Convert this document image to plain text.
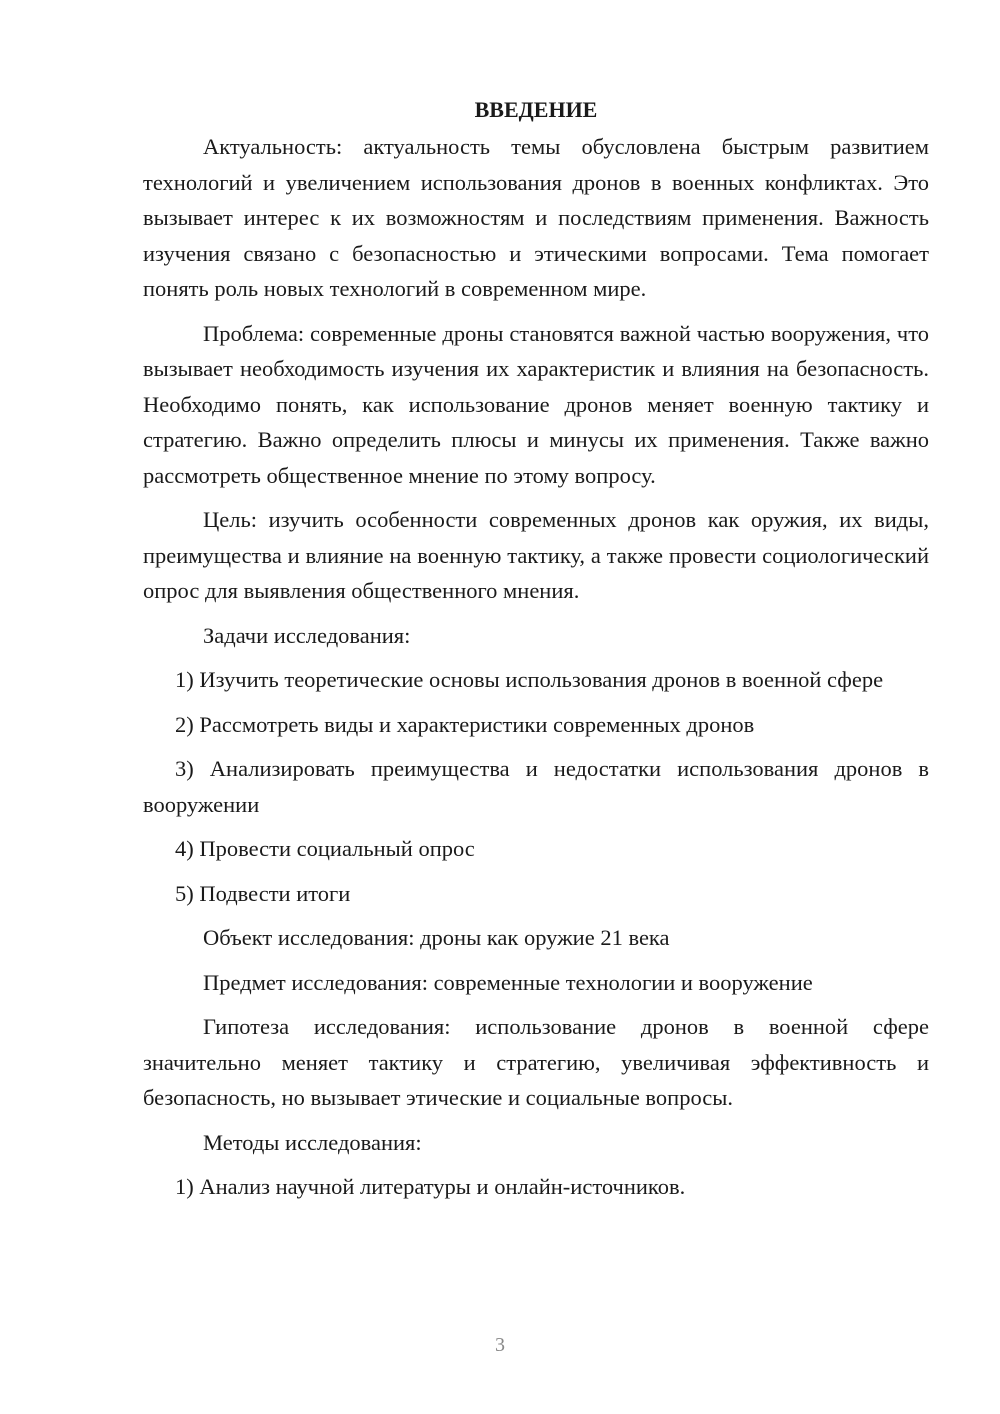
ВВЕДЕНИЕ
Актуальность: актуальность темы обусловлена быстрым развитием технологий и увеличением использования дронов в военных конфликтах. Это вызывает интерес к их возможностям и последствиям применения. Важность изучения связано с безопасностью и этическими вопросами. Тема помогает понять роль новых технологий в современном мире.
Проблема: современные дроны становятся важной частью вооружения, что вызывает необходимость изучения их характеристик и влияния на безопасность. Необходимо понять, как использование дронов меняет военную тактику и стратегию. Важно определить плюсы и минусы их применения. Также важно рассмотреть общественное мнение по этому вопросу.
Цель: изучить особенности современных дронов как оружия, их виды, преимущества и влияние на военную тактику, а также провести социологический опрос для выявления общественного мнения.
Задачи исследования:
1) Изучить теоретические основы использования дронов в военной сфере
2) Рассмотреть виды и характеристики современных дронов
3) Анализировать преимущества и недостатки использования дронов в вооружении
4) Провести социальный опрос
5) Подвести итоги
Объект исследования: дроны как оружие 21 века
Предмет исследования: современные технологии и вооружение
Гипотеза исследования: использование дронов в военной сфере значительно меняет тактику и стратегию, увеличивая эффективность и безопасность, но вызывает этические и социальные вопросы.
Методы исследования:
1) Анализ научной литературы и онлайн-источников.
3
